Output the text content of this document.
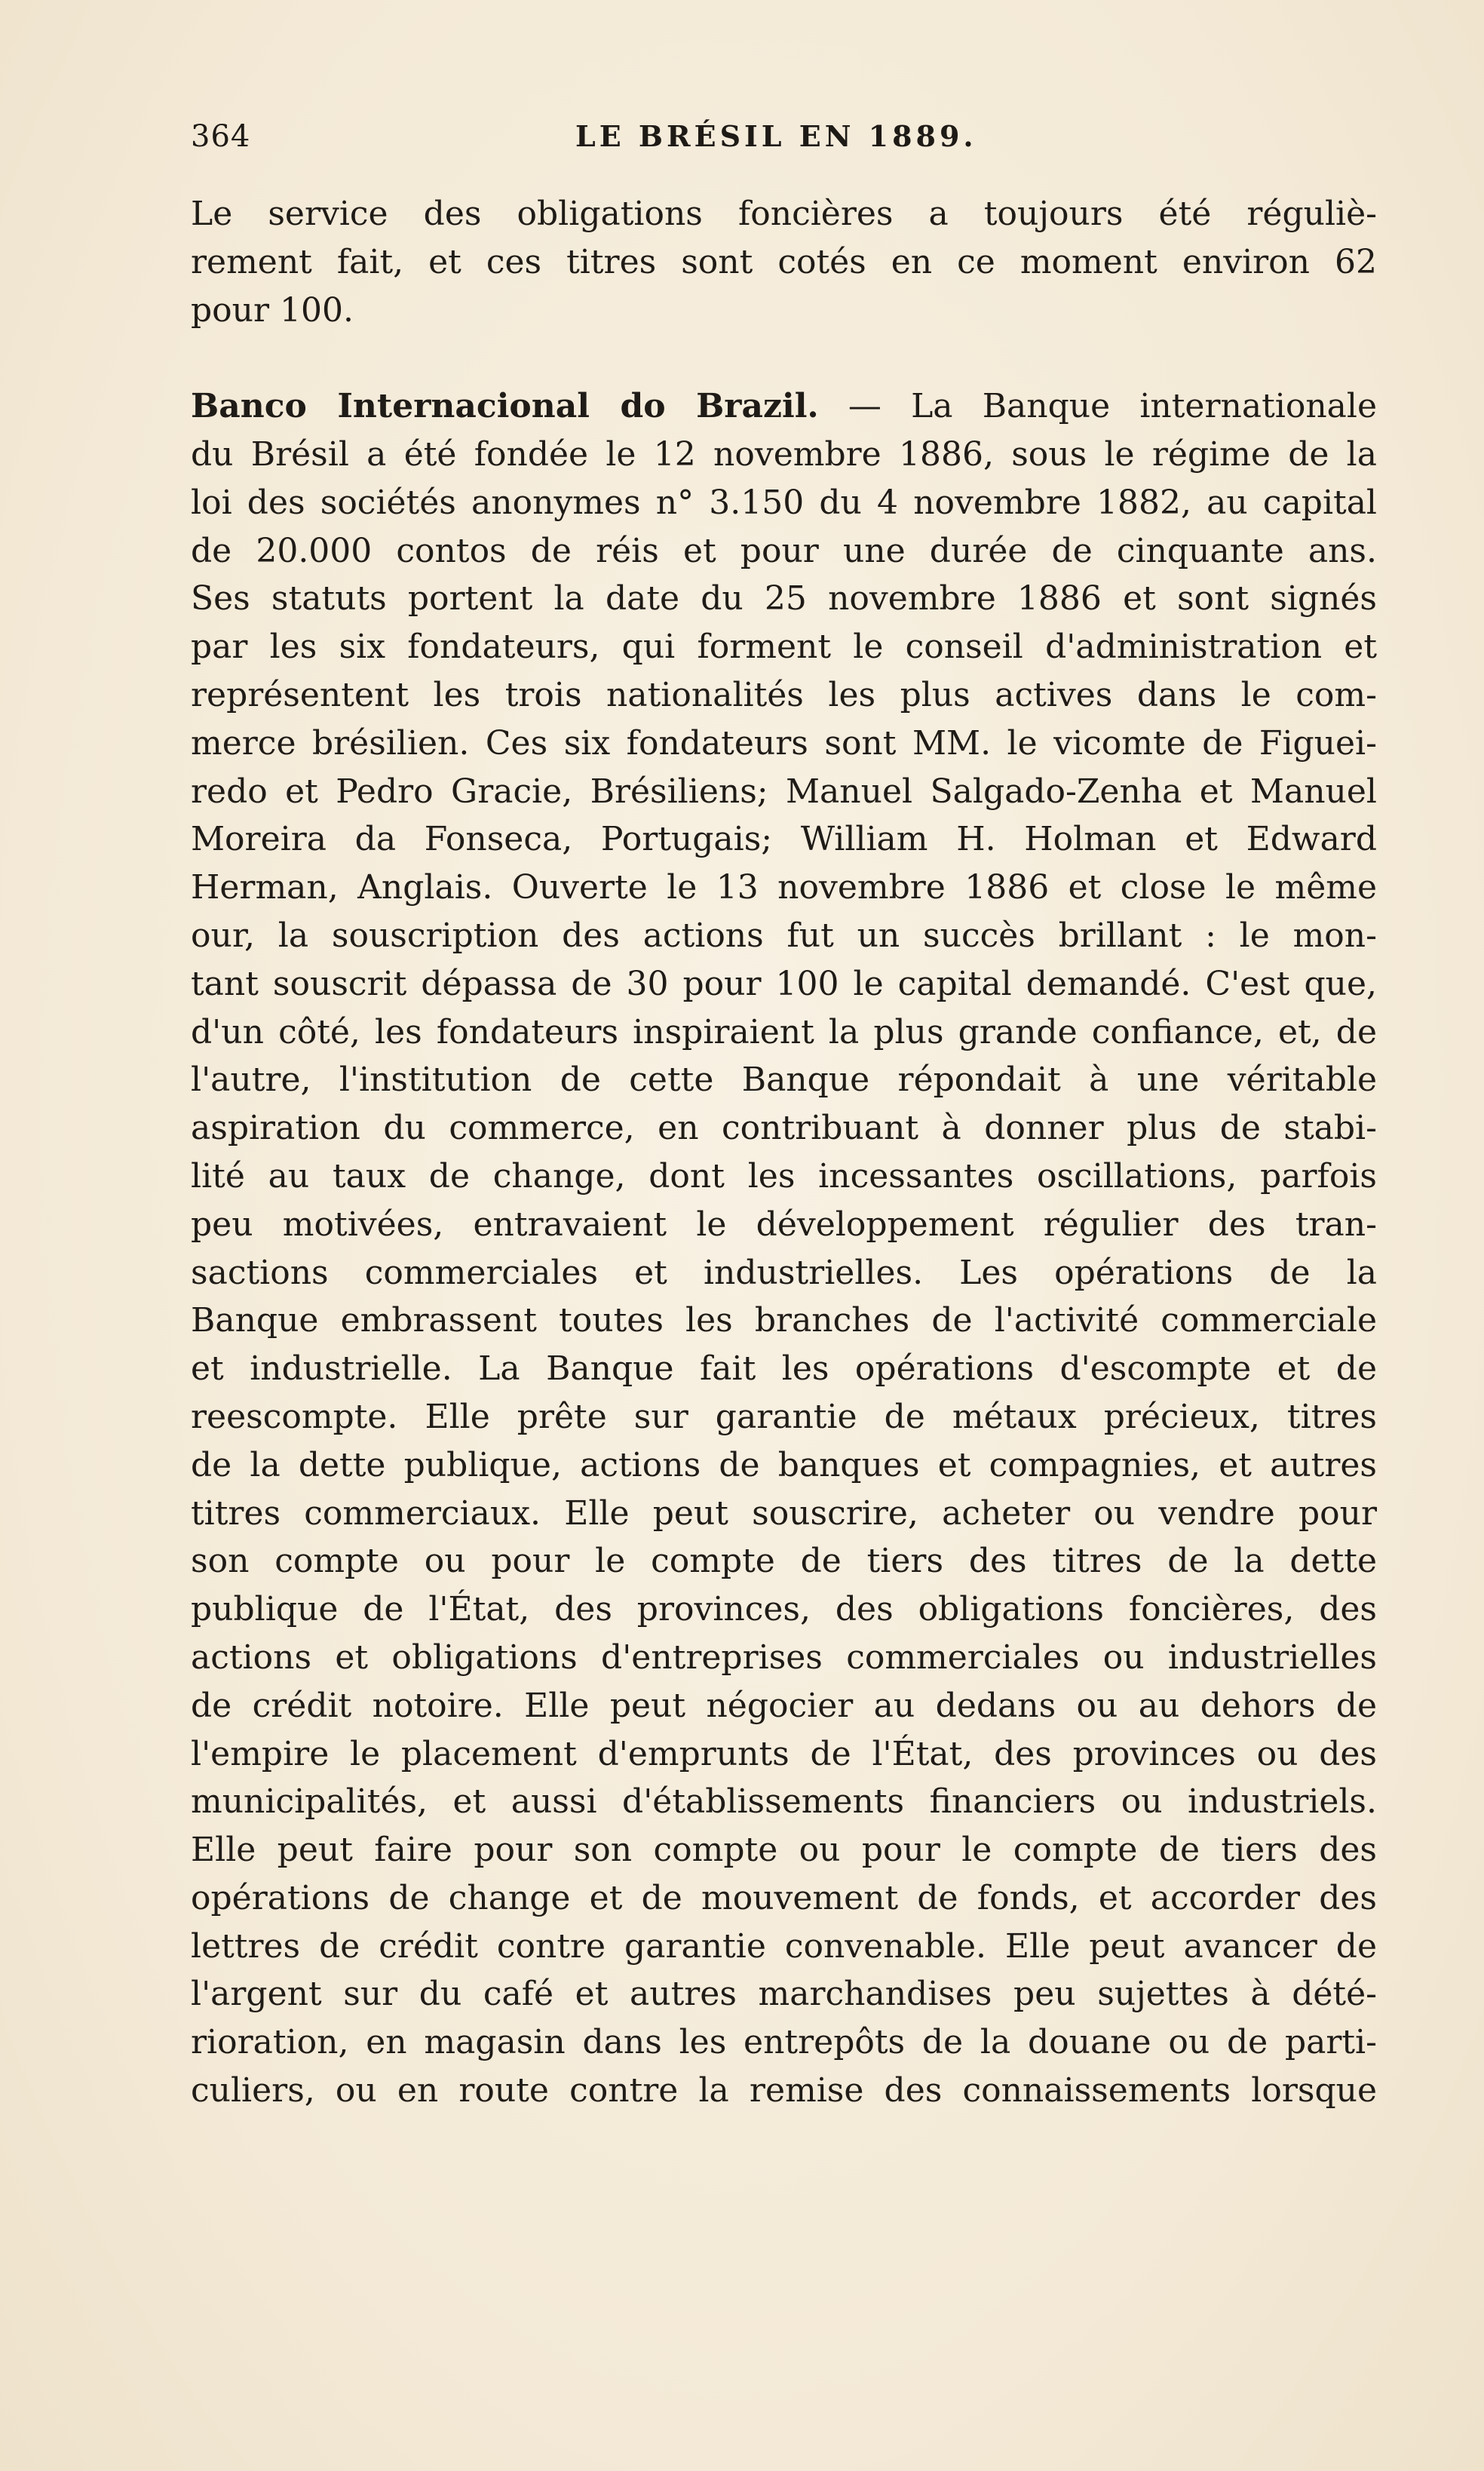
364	LE BRÉSIL EN 1889.
Le service des obligations foncières a toujours été réguliè-
rement fait, et ces titres sont cotés en ce moment environ 62
pour 100.
Banco Internacional do Brazil. — La Banque internationale
du Brésil a été fondée le 12 novembre 1886, sous le régime de la
loi des sociétés anonymes n° 3.150 du 4 novembre 1882, au capital
de 20.000 contos de réis et pour une durée de cinquante ans.
Ses statuts portent la date du 25 novembre 1886 et sont signés
par les six fondateurs, qui forment le conseil d'administration et
représentent les trois nationalités les plus actives dans le com-
merce brésilien. Ces six fondateurs sont MM. le vicomte de Figuei-
redo et Pedro Gracie, Brésiliens; Manuel Salgado-Zenha et Manuel
Moreira da Fonseca, Portugais; William H. Holman et Edward
Herman, Anglais. Ouverte le 13 novembre 1886 et close le même
our, la souscription des actions fut un succès brillant : le mon-
tant souscrit dépassa de 30 pour 100 le capital demandé. C'est que,
d'un côté, les fondateurs inspiraient la plus grande confiance, et, de
l'autre, l'institution de cette Banque répondait à une véritable
aspiration du commerce, en contribuant à donner plus de stabi-
lité au taux de change, dont les incessantes oscillations, parfois
peu motivées, entravaient le développement régulier des tran-
sactions commerciales et industrielles. Les opérations de la
Banque embrassent toutes les branches de l'activité commerciale
et industrielle. La Banque fait les opérations d'escompte et de
reescompte. Elle prête sur garantie de métaux précieux, titres
de la dette publique, actions de banques et compagnies, et autres
titres commerciaux. Elle peut souscrire, acheter ou vendre pour
son compte ou pour le compte de tiers des titres de la dette
publique de l'État, des provinces, des obligations foncières, des
actions et obligations d'entreprises commerciales ou industrielles
de crédit notoire. Elle peut négocier au dedans ou au dehors de
l'empire le placement d'emprunts de l'État, des provinces ou des
municipalités, et aussi d'établissements financiers ou industriels.
Elle peut faire pour son compte ou pour le compte de tiers des
opérations de change et de mouvement de fonds, et accorder des
lettres de crédit contre garantie convenable. Elle peut avancer de
l'argent sur du café et autres marchandises peu sujettes à dété-
rioration, en magasin dans les entrepôts de la douane ou de parti-
culiers, ou en route contre la remise des connaissements lorsque
